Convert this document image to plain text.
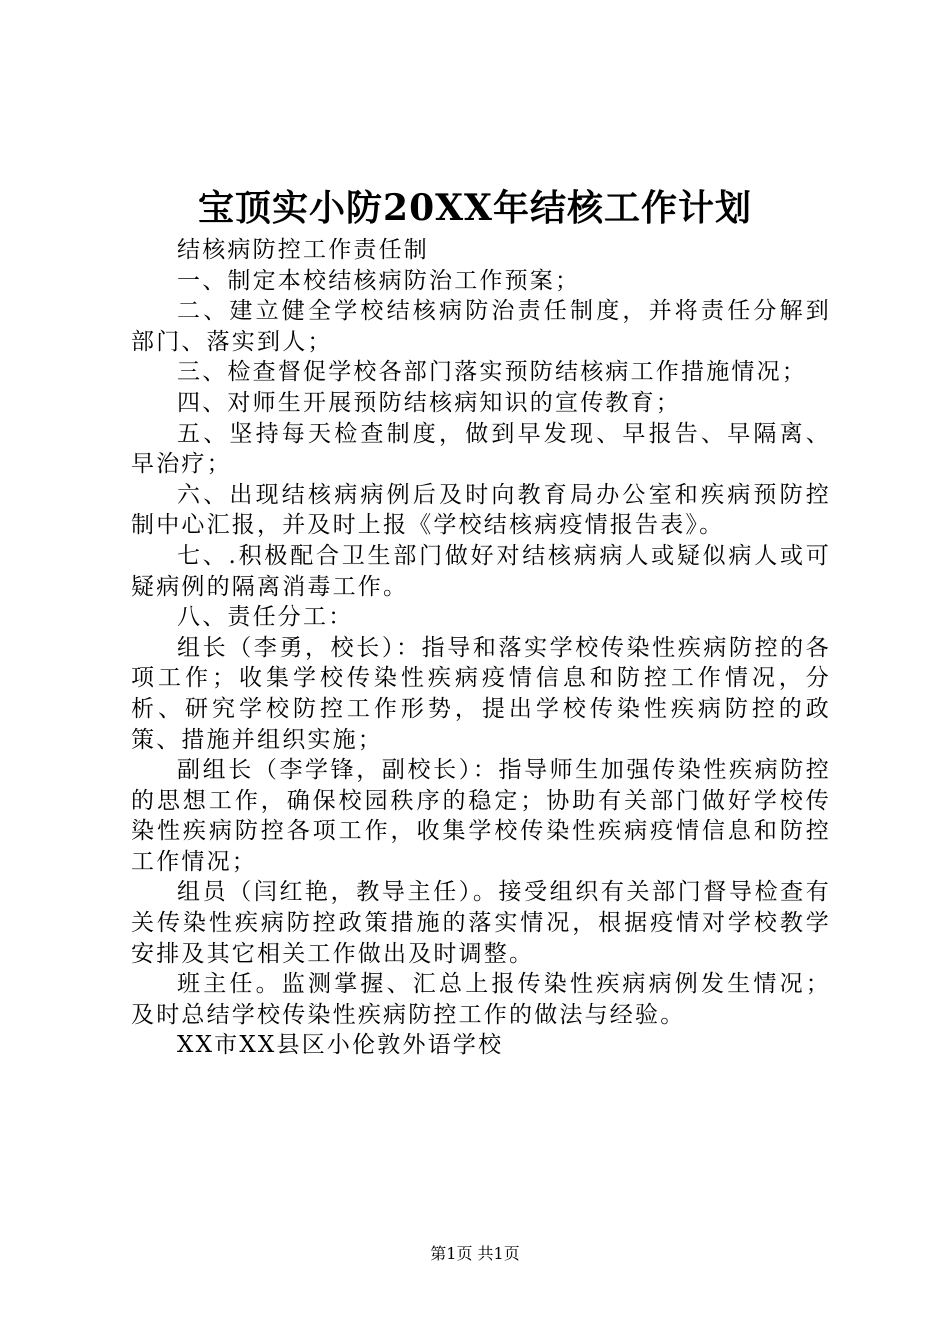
宝顶实小防20XX年结核工作计划

结核病防控工作责任制

一、制定本校结核病防治工作预案；

二、建立健全学校结核病防治责任制度，并将责任分解到部门、落实到人；

三、检查督促学校各部门落实预防结核病工作措施情况；

四、对师生开展预防结核病知识的宣传教育；

五、坚持每天检查制度，做到早发现、早报告、早隔离、早治疗；

六、出现结核病病例后及时向教育局办公室和疾病预防控制中心汇报，并及时上报《学校结核病疫情报告表》。

七、.积极配合卫生部门做好对结核病病人或疑似病人或可疑病例的隔离消毒工作。

八、责任分工：

组长（李勇，校长）：指导和落实学校传染性疾病防控的各项工作；收集学校传染性疾病疫情信息和防控工作情况，分析、研究学校防控工作形势，提出学校传染性疾病防控的政策、措施并组织实施；

副组长（李学锋，副校长）：指导师生加强传染性疾病防控的思想工作，确保校园秩序的稳定；协助有关部门做好学校传染性疾病防控各项工作，收集学校传染性疾病疫情信息和防控工作情况；

组员（闫红艳，教导主任）。接受组织有关部门督导检查有关传染性疾病防控政策措施的落实情况，根据疫情对学校教学安排及其它相关工作做出及时调整。

班主任。监测掌握、汇总上报传染性疾病病例发生情况；及时总结学校传染性疾病防控工作的做法与经验。

XX市XX县区小伦敦外语学校

第1页 共1页
